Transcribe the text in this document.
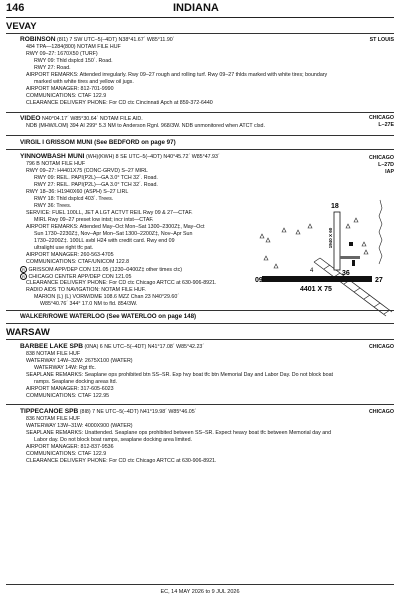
146	INDIANA
VEVAY
ROBINSON (8I1) 7 SW UTC–5(–4DT) N38°41.67´ W85°11.90´	ST LOUIS
484 TPA—1284(800) NOTAM FILE HUF
RWY 09–27: 1670X50 (TURF)
RWY 09: Thld dsplcd 150´. Road.
RWY 27: Road.
AIRPORT REMARKS: Attended irregularly. Rwy 09–27 rough and rolling turf. Rwy 09–27 thlds marked with white tires; boundary
marked with white tires and yellow oil jugs.
AIRPORT MANAGER: 812-701-9990
COMMUNICATIONS: CTAF 122.9
CLEARANCE DELIVERY PHONE: For CD ctc Cincinnati Apch at 859-372-6440
VIDEO N40°04.17´ W85°30.64´ NOTAM FILE AID.	CHICAGO
L–27E
NDB (MHW/LOM) 394 AI 299° 5.3 NM to Anderson Rgnl. 968/3W. NDB unmonitored when ATCT clsd.
VIRGIL I GRISSOM MUNI (See BEDFORD on page 97)
YINNOWBASH MUNI (WH)(KWH) 8 SE UTC–5(–4DT) N40°45.72´ W85°47.93´	CHICAGO
L–27D
IAP
796 B NOTAM FILE HUF
RWY 09–27: H4401X75 (CONC-GRVD) S–27 MIRL
RWY 09: REIL. PAPI(P2L)—GA 3.0° TCH 32´. Road.
RWY 27: REIL. PAPI(P2L)—GA 3.0° TCH 32´. Road.
RWY 18–36: H1940X60 (ASPH) S–27 LIRL
RWY 18: Thld dsplcd 403´. Trees.
RWY 36: Trees.
SERVICE: FUEL 100LL, JET A LGT ACTVT REIL Rwy 09 & 27—CTAF.
MIRL Rwy 09–27 preset low intst; incr intst—CTAF.
AIRPORT REMARKS: Attended May–Oct Mon–Sat 1300–2300Z‡, May–Oct
Sun 1730–2230Z‡, Nov–Apr Mon–Sat 1300–2200Z‡, Nov–Apr Sun
1730–2200Z‡. 100LL avbl H24 with credit card. Rwy end 09
ultralight use right tfc pat.
AIRPORT MANAGER: 260-563-4705
COMMUNICATIONS: CTAF/UNICOM 122.8
R GRISSOM APP/DEP CON 121.05 (1230–0400Z‡ other times ctc)
R CHICAGO CENTER APP/DEP CON 121.05
CLEARANCE DELIVERY PHONE: For CD ctc Chicago ARTCC at 630-906-8921.
RADIO AIDS TO NAVIGATION: NOTAM FILE HUF.
MARION (L) (L) VORW/DME 108.6 MZZ Chan 23 N40°29.60´
W85°40.76´ 344° 17.0 NM to fld. 854/3W.
09	27
18
36
4401 X 75
1940 X 60
4
WALKER/ROWE WATERLOO (See WATERLOO on page 148)
WARSAW
BARBEE LAKE SPB (0NA) 6 NE UTC–5(–4DT) N41°17.08´ W85°42.23´	CHICAGO
838 NOTAM FILE HUF
WATERWAY 14W–32W: 2675X100 (WATER)
WATERWAY 14W: Rgt tfc.
SEAPLANE REMARKS: Seaplane ops prohibited btn SS–SR. Exp hvy boat tfc btn Memorial Day and Labor Day. Do not block boat
ramps. Seaplane docking areas ltd.
AIRPORT MANAGER: 317-605-6023
COMMUNICATIONS: CTAF 122.95
TIPPECANOE SPB (8I8) 7 NE UTC–5(–4DT) N41°19.98´ W85°46.05´	CHICAGO
836 NOTAM FILE HUF
WATERWAY 13W–31W: 4000X900 (WATER)
SEAPLANE REMARKS: Unattended. Seaplane ops prohibited between SS–SR. Expect heavy boat tfc between Memorial day and
Labor day. Do not block boat ramps, seaplane docking area limited.
AIRPORT MANAGER: 812-837-9536
COMMUNICATIONS: CTAF 122.9
CLEARANCE DELIVERY PHONE: For CD ctc Chicago ARTCC at 630-906-8921.
EC, 14 MAY 2026 to 9 JUL 2026
